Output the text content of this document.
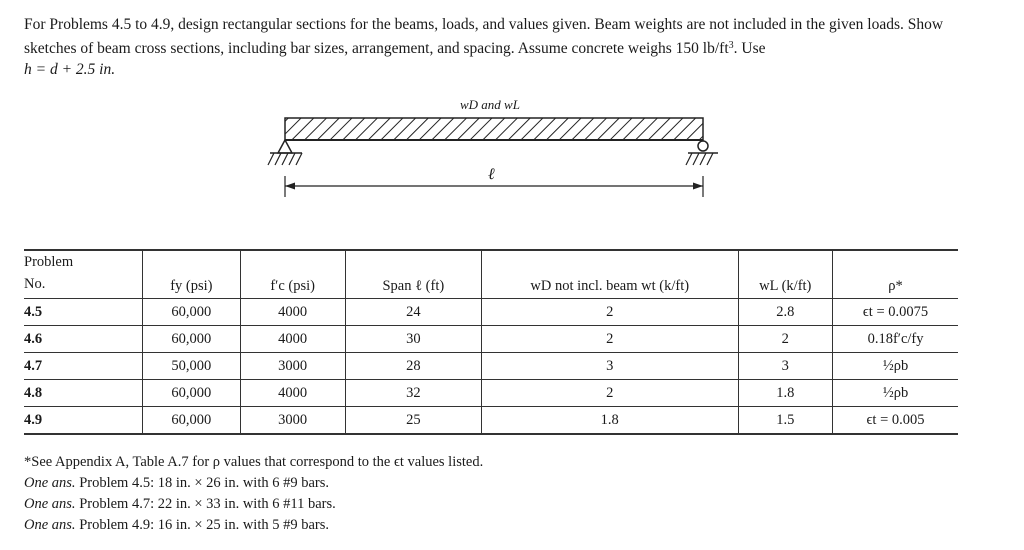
For Problems 4.5 to 4.9, design rectangular sections for the beams, loads, and values given. Beam weights are not included in the given loads. Show sketches of beam cross sections, including bar sizes, arrangement, and spacing. Assume concrete weighs 150 $lb/ft^3$. Use
h = d + 2.5 in.

wD and wL
ℓ
Problem
No.	fy (psi)	f′c (psi)	Span ℓ (ft)	wD not incl. beam wt (k/ft)	wL (k/ft)	ρ*
4.5	60,000	4000	24	2	2.8	ϵt = 0.0075
4.6	60,000	4000	30	2	2	0.18f′c/fy
4.7	50,000	3000	28	3	3	½ρb
4.8	60,000	4000	32	2	1.8	½ρb
4.9	60,000	3000	25	1.8	1.5	ϵt = 0.005

*See Appendix A, Table A.7 for ρ values that correspond to the ϵt values listed.

One ans. Problem 4.5: 18 in. × 26 in. with 6 #9 bars.

One ans. Problem 4.7: 22 in. × 33 in. with 6 #11 bars.

One ans. Problem 4.9: 16 in. × 25 in. with 5 #9 bars.
